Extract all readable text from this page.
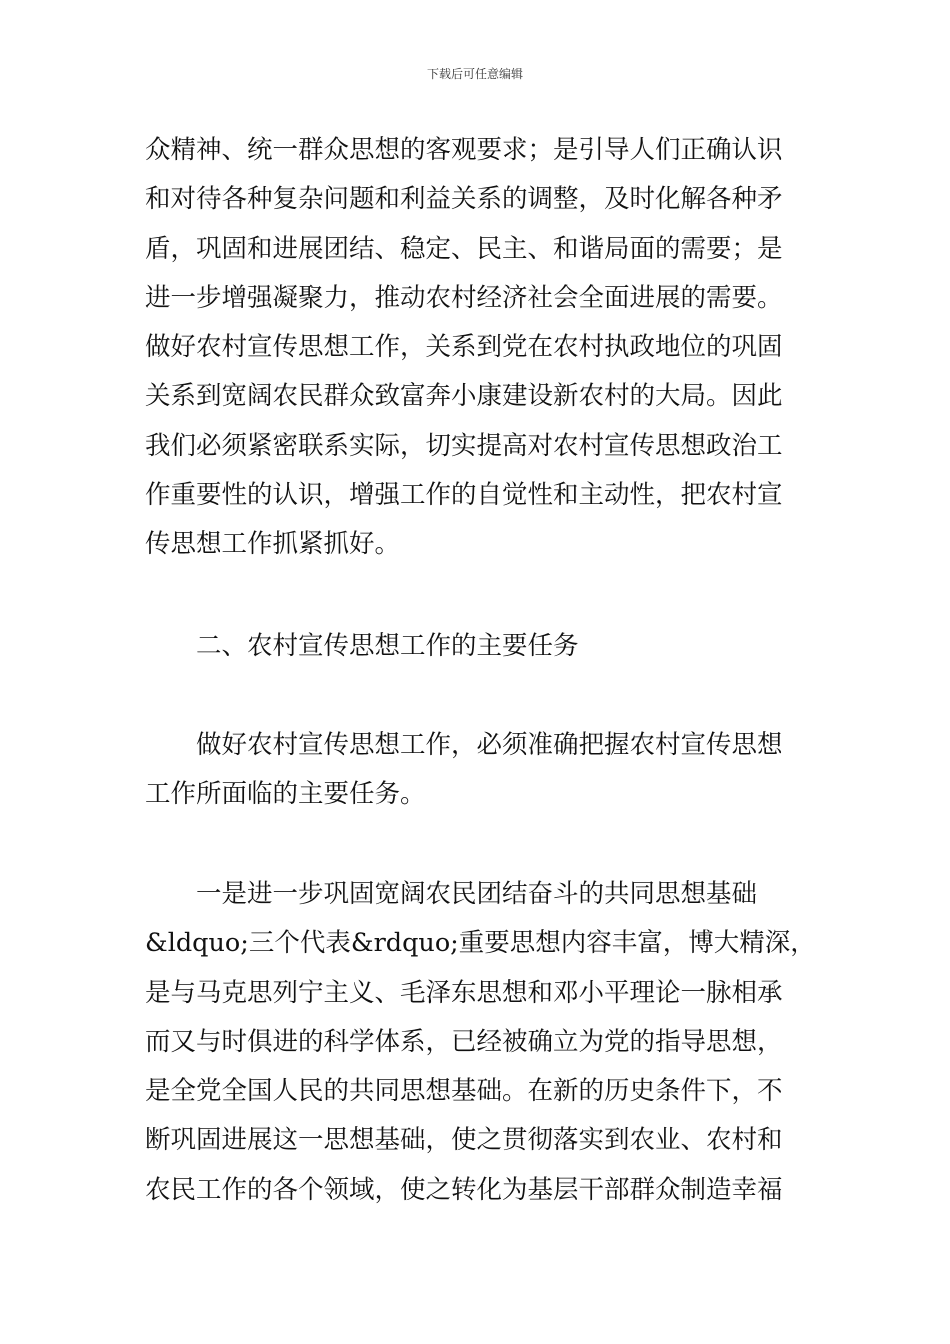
下载后可任意编辑
众精神、统一群众思想的客观要求；是引导人们正确认识
和对待各种复杂问题和利益关系的调整，及时化解各种矛
盾，巩固和进展团结、稳定、民主、和谐局面的需要；是
进一步增强凝聚力，推动农村经济社会全面进展的需要。
做好农村宣传思想工作，关系到党在农村执政地位的巩固
关系到宽阔农民群众致富奔小康建设新农村的大局。因此
我们必须紧密联系实际，切实提高对农村宣传思想政治工
作重要性的认识，增强工作的自觉性和主动性，把农村宣
传思想工作抓紧抓好。
　　二、农村宣传思想工作的主要任务
　　做好农村宣传思想工作，必须准确把握农村宣传思想
工作所面临的主要任务。
　　一是进一步巩固宽阔农民团结奋斗的共同思想基础
&ldquo;三个代表&rdquo;重要思想内容丰富，博大精深，
是与马克思列宁主义、毛泽东思想和邓小平理论一脉相承
而又与时俱进的科学体系，已经被确立为党的指导思想，
是全党全国人民的共同思想基础。在新的历史条件下，不
断巩固进展这一思想基础，使之贯彻落实到农业、农村和
农民工作的各个领域，使之转化为基层干部群众制造幸福
